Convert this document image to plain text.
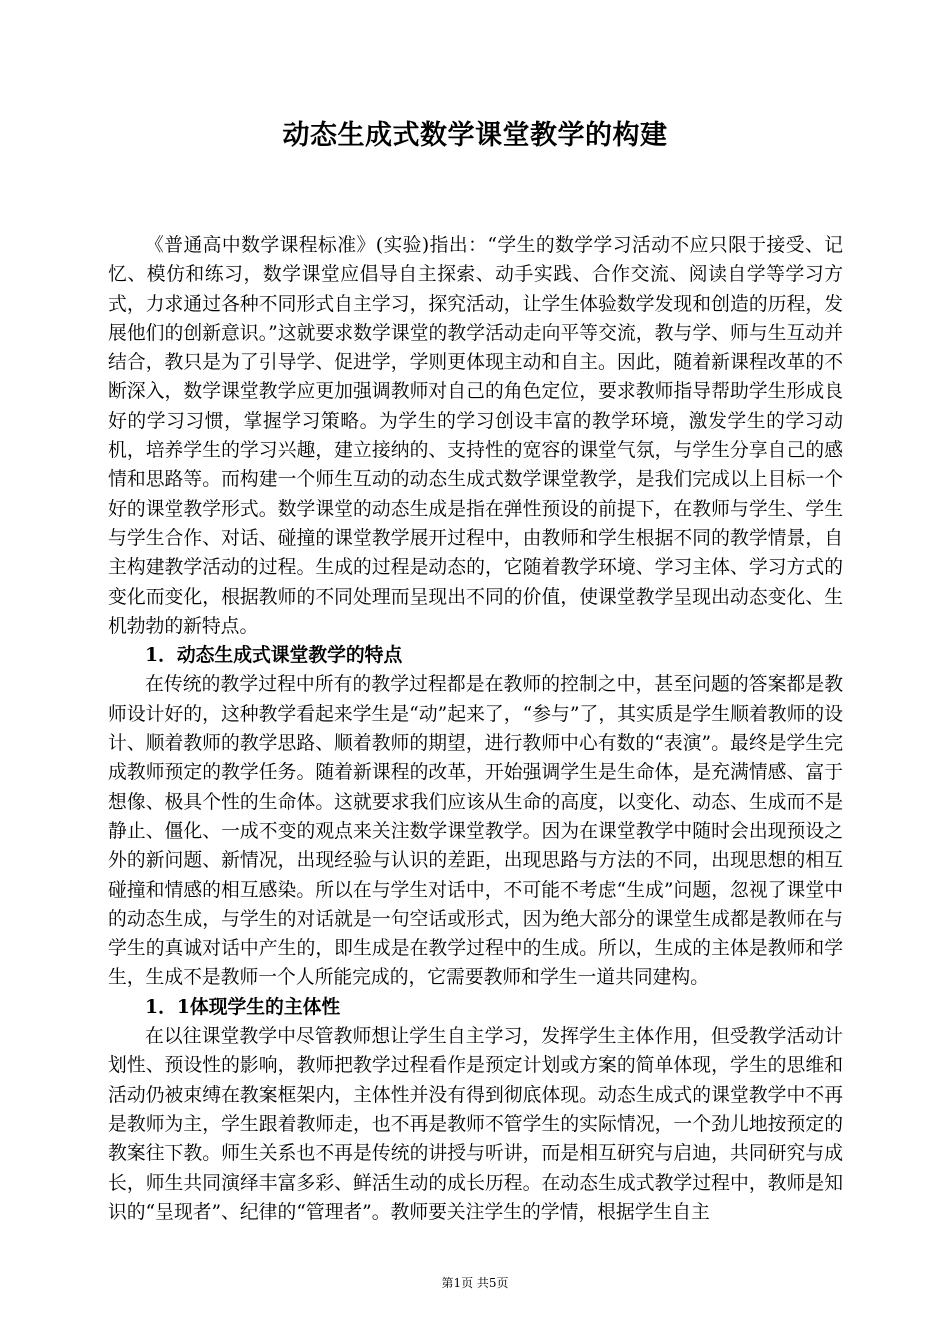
动态生成式数学课堂教学的构建

《普通高中数学课程标准》(实验)指出：“学生的数学学习活动不应只限于接受、记忆、模仿和练习，数学课堂应倡导自主探索、动手实践、合作交流、阅读自学等学习方式，力求通过各种不同形式自主学习，探究活动，让学生体验数学发现和创造的历程，发展他们的创新意识。”这就要求数学课堂的教学活动走向平等交流，教与学、师与生互动并结合，教只是为了引导学、促进学，学则更体现主动和自主。因此，随着新课程改革的不断深入，数学课堂教学应更加强调教师对自己的角色定位，要求教师指导帮助学生形成良好的学习习惯，掌握学习策略。为学生的学习创设丰富的教学环境，激发学生的学习动机，培养学生的学习兴趣，建立接纳的、支持性的宽容的课堂气氛，与学生分享自己的感情和思路等。而构建一个师生互动的动态生成式数学课堂教学，是我们完成以上目标一个好的课堂教学形式。数学课堂的动态生成是指在弹性预设的前提下，在教师与学生、学生与学生合作、对话、碰撞的课堂教学展开过程中，由教师和学生根据不同的教学情景，自主构建教学活动的过程。生成的过程是动态的，它随着教学环境、学习主体、学习方式的变化而变化，根据教师的不同处理而呈现出不同的价值，使课堂教学呈现出动态变化、生机勃勃的新特点。

1．动态生成式课堂教学的特点

在传统的教学过程中所有的教学过程都是在教师的控制之中，甚至问题的答案都是教师设计好的，这种教学看起来学生是“动”起来了，“参与”了，其实质是学生顺着教师的设计、顺着教师的教学思路、顺着教师的期望，进行教师中心有数的“表演”。最终是学生完成教师预定的教学任务。随着新课程的改革，开始强调学生是生命体，是充满情感、富于想像、极具个性的生命体。这就要求我们应该从生命的高度，以变化、动态、生成而不是静止、僵化、一成不变的观点来关注数学课堂教学。因为在课堂教学中随时会出现预设之外的新问题、新情况，出现经验与认识的差距，出现思路与方法的不同，出现思想的相互碰撞和情感的相互感染。所以在与学生对话中，不可能不考虑“生成”问题，忽视了课堂中的动态生成，与学生的对话就是一句空话或形式，因为绝大部分的课堂生成都是教师在与学生的真诚对话中产生的，即生成是在教学过程中的生成。所以，生成的主体是教师和学生，生成不是教师一个人所能完成的，它需要教师和学生一道共同建构。

1．1体现学生的主体性

在以往课堂教学中尽管教师想让学生自主学习，发挥学生主体作用，但受教学活动计划性、预设性的影响，教师把教学过程看作是预定计划或方案的简单体现，学生的思维和活动仍被束缚在教案框架内，主体性并没有得到彻底体现。动态生成式的课堂教学中不再是教师为主，学生跟着教师走，也不再是教师不管学生的实际情况，一个劲儿地按预定的教案往下教。师生关系也不再是传统的讲授与听讲，而是相互研究与启迪，共同研究与成长，师生共同演绎丰富多彩、鲜活生动的成长历程。在动态生成式教学过程中，教师是知识的“呈现者”、纪律的“管理者”。教师要关注学生的学情，根据学生自主

第1页 共5页
